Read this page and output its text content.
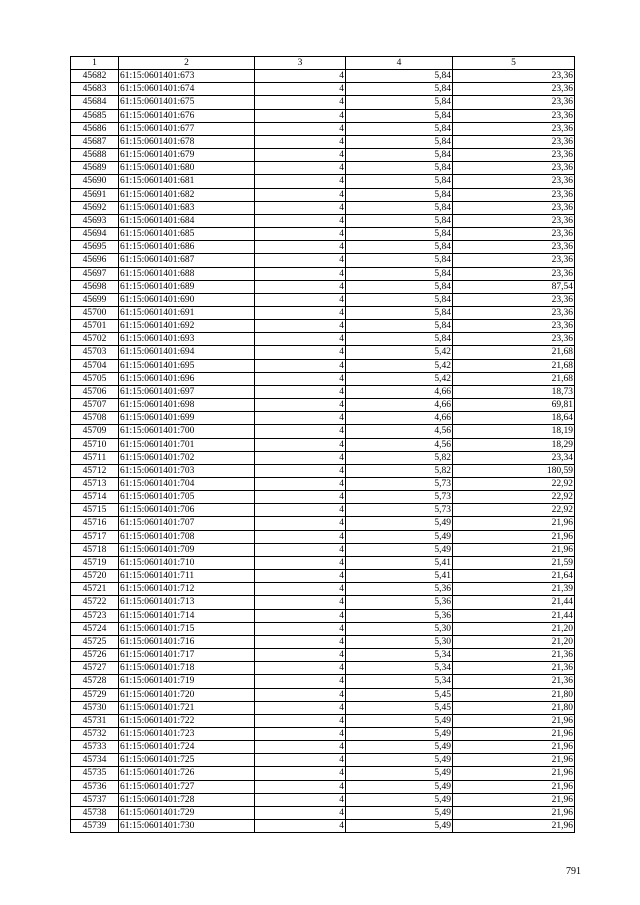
1	2	3	4	5
45682	61:15:0601401:673	4	5,84	23,36
45683	61:15:0601401:674	4	5,84	23,36
45684	61:15:0601401:675	4	5,84	23,36
45685	61:15:0601401:676	4	5,84	23,36
45686	61:15:0601401:677	4	5,84	23,36
45687	61:15:0601401:678	4	5,84	23,36
45688	61:15:0601401:679	4	5,84	23,36
45689	61:15:0601401:680	4	5,84	23,36
45690	61:15:0601401:681	4	5,84	23,36
45691	61:15:0601401:682	4	5,84	23,36
45692	61:15:0601401:683	4	5,84	23,36
45693	61:15:0601401:684	4	5,84	23,36
45694	61:15:0601401:685	4	5,84	23,36
45695	61:15:0601401:686	4	5,84	23,36
45696	61:15:0601401:687	4	5,84	23,36
45697	61:15:0601401:688	4	5,84	23,36
45698	61:15:0601401:689	4	5,84	87,54
45699	61:15:0601401:690	4	5,84	23,36
45700	61:15:0601401:691	4	5,84	23,36
45701	61:15:0601401:692	4	5,84	23,36
45702	61:15:0601401:693	4	5,84	23,36
45703	61:15:0601401:694	4	5,42	21,68
45704	61:15:0601401:695	4	5,42	21,68
45705	61:15:0601401:696	4	5,42	21,68
45706	61:15:0601401:697	4	4,66	18,73
45707	61:15:0601401:698	4	4,66	69,81
45708	61:15:0601401:699	4	4,66	18,64
45709	61:15:0601401:700	4	4,56	18,19
45710	61:15:0601401:701	4	4,56	18,29
45711	61:15:0601401:702	4	5,82	23,34
45712	61:15:0601401:703	4	5,82	180,59
45713	61:15:0601401:704	4	5,73	22,92
45714	61:15:0601401:705	4	5,73	22,92
45715	61:15:0601401:706	4	5,73	22,92
45716	61:15:0601401:707	4	5,49	21,96
45717	61:15:0601401:708	4	5,49	21,96
45718	61:15:0601401:709	4	5,49	21,96
45719	61:15:0601401:710	4	5,41	21,59
45720	61:15:0601401:711	4	5,41	21,64
45721	61:15:0601401:712	4	5,36	21,39
45722	61:15:0601401:713	4	5,36	21,44
45723	61:15:0601401:714	4	5,36	21,44
45724	61:15:0601401:715	4	5,30	21,20
45725	61:15:0601401:716	4	5,30	21,20
45726	61:15:0601401:717	4	5,34	21,36
45727	61:15:0601401:718	4	5,34	21,36
45728	61:15:0601401:719	4	5,34	21,36
45729	61:15:0601401:720	4	5,45	21,80
45730	61:15:0601401:721	4	5,45	21,80
45731	61:15:0601401:722	4	5,49	21,96
45732	61:15:0601401:723	4	5,49	21,96
45733	61:15:0601401:724	4	5,49	21,96
45734	61:15:0601401:725	4	5,49	21,96
45735	61:15:0601401:726	4	5,49	21,96
45736	61:15:0601401:727	4	5,49	21,96
45737	61:15:0601401:728	4	5,49	21,96
45738	61:15:0601401:729	4	5,49	21,96
45739	61:15:0601401:730	4	5,49	21,96
791
